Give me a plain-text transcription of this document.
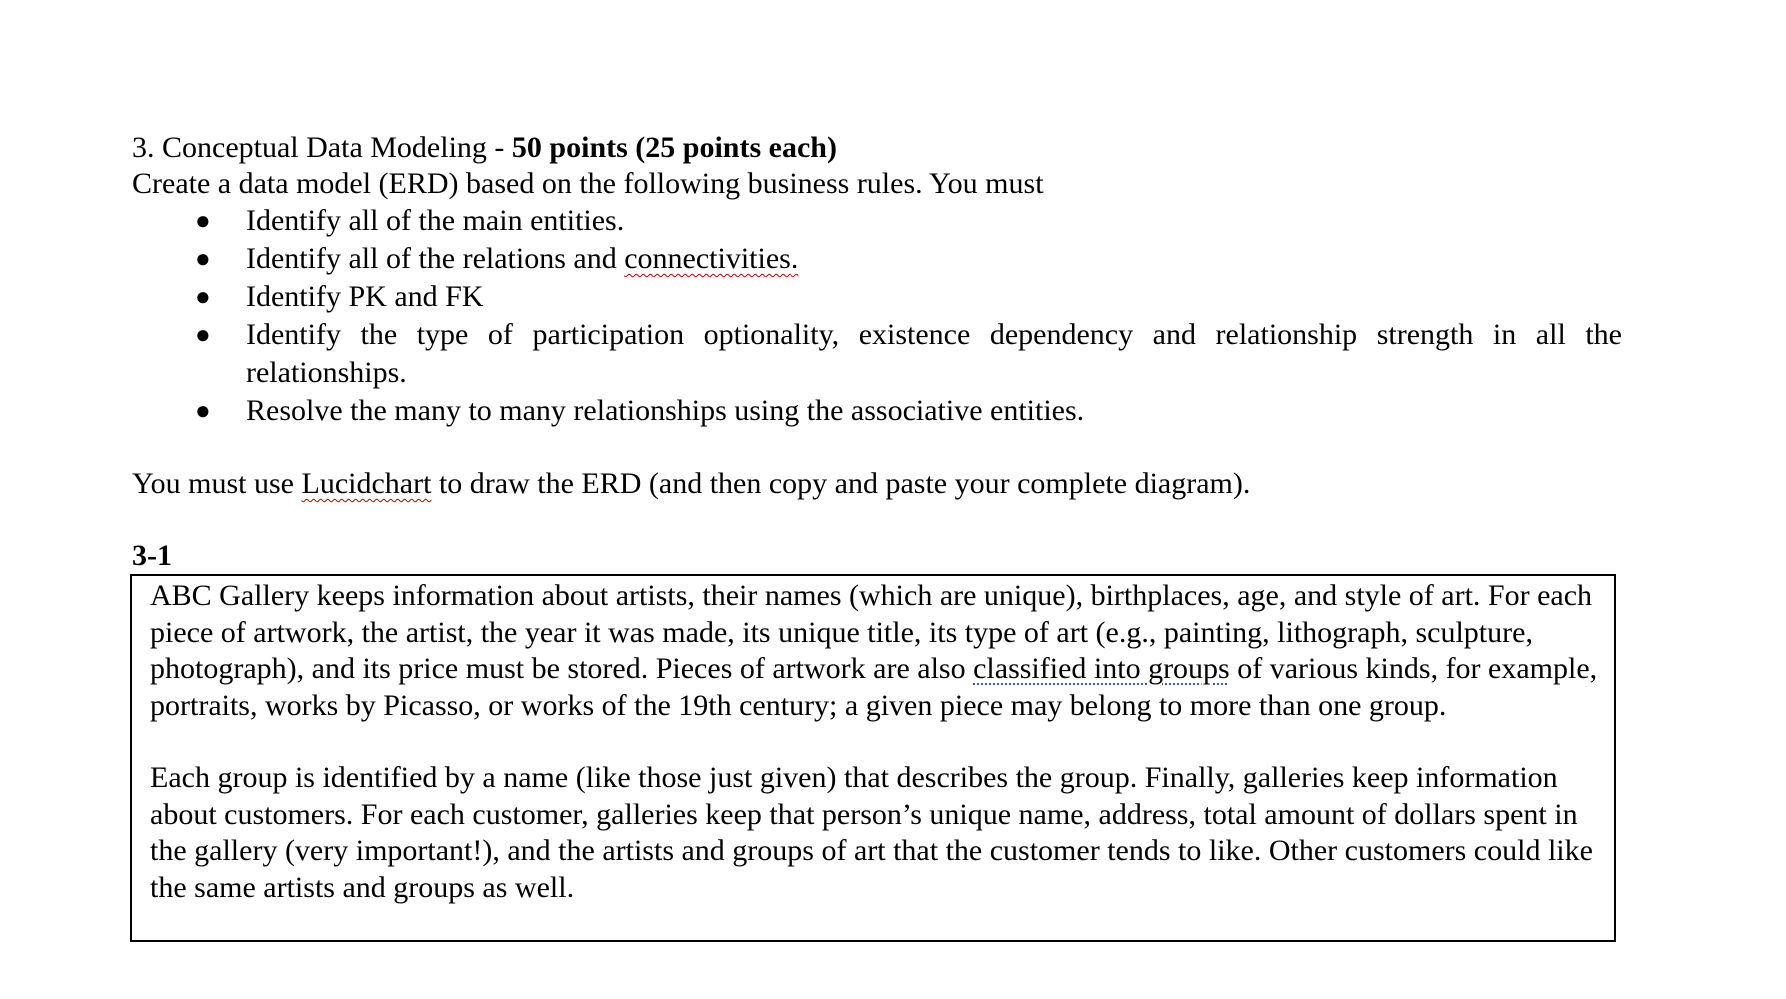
3. Conceptual Data Modeling - 50 points (25 points each)

Create a data model (ERD) based on the following business rules. You must

● Identify all of the main entities.
● Identify all of the relations and connectivities.
● Identify PK and FK
● Identify the type of participation optionality, existence dependency and relationship strength in all the relationships.
● Resolve the many to many relationships using the associative entities.

You must use Lucidchart to draw the ERD (and then copy and paste your complete diagram).

3-1

ABC Gallery keeps information about artists, their names (which are unique), birthplaces, age, and style of art. For each piece of artwork, the artist, the year it was made, its unique title, its type of art (e.g., painting, lithograph, sculpture, photograph), and its price must be stored. Pieces of artwork are also classified into groups of various kinds, for example, portraits, works by Picasso, or works of the 19th century; a given piece may belong to more than one group.

Each group is identified by a name (like those just given) that describes the group. Finally, galleries keep information about customers. For each customer, galleries keep that person’s unique name, address, total amount of dollars spent in the gallery (very important!), and the artists and groups of art that the customer tends to like. Other customers could like the same artists and groups as well.
